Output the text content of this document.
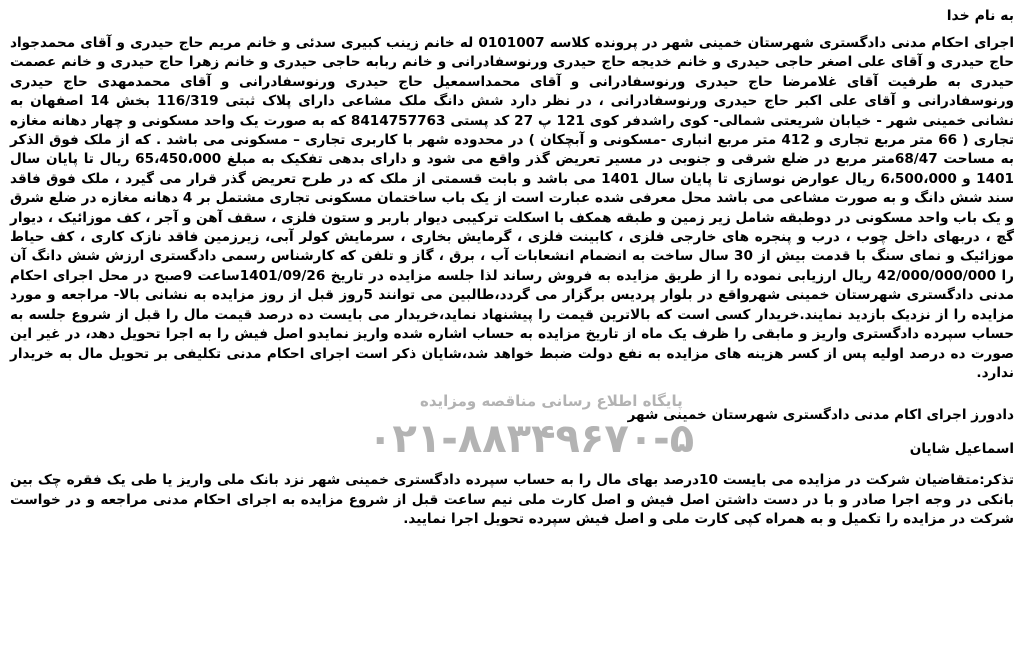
به نام خدا

اجرای احکام مدنی دادگستری شهرستان خمینی شهر در پرونده کلاسه 0101007 له خانم زینب کبیری سدئی و خانم مریم حاج حیدری و آقای محمدجواد حاج حیدری و آقای علی اصغر حاجی حیدری و خانم خدیجه حاج حیدری ورنوسفادرانی و خانم ربابه حاجی حیدری و خانم زهرا حاج حیدری و خانم عصمت حیدری به طرفیت آقای غلامرضا حاج حیدری ورنوسفادرانی و آقای محمداسمعیل حاج حیدری ورنوسفادرانی و آقای محمدمهدی حاج حیدری ورنوسفادرانی و آقای علی اکبر حاج حیدری ورنوسفادرانی ، در نظر دارد شش دانگ ملک مشاعی دارای پلاک ثبتی 116/319 بخش 14 اصفهان به نشانی خمینی شهر - خیابان شریعتی شمالی- کوی راشدفر کوی 121 پ 27 کد پستی 8414757763 که به صورت یک واحد مسکونی و چهار دهانه مغازه تجاری ( 66 متر مربع تجاری و 412 متر مربع انباری -مسکونی و آبچکان ) در محدوده شهر با کاربری تجاری – مسکونی می باشد . که از ملک فوق الذکر به مساحت 68/47متر مربع در ضلع شرقی و جنوبی در مسیر تعریض گذر واقع می شود و دارای بدهی تفکیک به مبلغ 65،450،000 ریال تا پایان سال 1401 و 6،500،000 ریال عوارض نوسازی تا پایان سال 1401 می باشد و بابت قسمتی از ملک که در طرح تعریض گذر قرار می گیرد ، ملک فوق فاقد سند شش دانگ و به صورت مشاعی می باشد محل معرفی شده عبارت است از یک باب ساختمان مسکونی تجاری مشتمل بر 4 دهانه مغازه در ضلع شرق و یک باب واحد مسکونی در دوطبقه شامل زیر زمین و طبقه همکف با اسکلت ترکیبی دیوار باربر و ستون فلزی ، سقف آهن و آجر ، کف موزائیک ، دیوار گچ ، دربهای داخل چوب ، درب و پنجره های خارجی فلزی ، کابینت فلزی ، گرمایش بخاری ، سرمایش کولر آبی، زیرزمین فاقد نازک کاری ، کف حیاط موزائیک و نمای سنگ با قدمت بیش از 30 سال ساخت به انضمام انشعابات آب ، برق ، گاز و تلفن که کارشناس رسمی دادگستری ارزش شش دانگ آن را 42/000/000/000 ریال ارزیابی نموده را از طریق مزایده به فروش رساند لذا جلسه مزایده در تاریخ 1401/09/26ساعت 9صبح در محل اجرای احکام مدنی دادگستری شهرستان خمینی شهرواقع در بلوار پردیس برگزار می گردد،طالبین می توانند 5روز قبل از روز مزایده به نشانی بالا- مراجعه و مورد مزایده را از نزدیک بازدید نمایند.خریدار کسی است که بالاترین قیمت را پیشنهاد نماید،خریدار می بایست ده درصد قیمت مال را قبل از شروع جلسه به حساب سپرده دادگستری واریز و مابقی را ظرف یک ماه از تاریخ مزایده به حساب اشاره شده واریز نمایدو اصل فیش را به اجرا تحویل دهد، در غیر این صورت ده درصد اولیه پس از کسر هزینه های مزایده به نفع دولت ضبط خواهد شد،شایان ذکر است اجرای احکام مدنی تکلیفی بر تحویل مال به خریدار ندارد.

دادورز اجرای اکام مدنی دادگستری شهرستان خمینی شهر

اسماعیل شایان

تذکر:متقاضیان شرکت در مزایده می بایست 10درصد بهای مال را به حساب سپرده دادگستری خمینی شهر نزد بانک ملی واریز یا طی یک فقره چک بین بانکی در وجه اجرا صادر و با در دست داشتن اصل فیش و اصل کارت ملی نیم ساعت قبل از شروع مزایده به اجرای احکام مدنی مراجعه و در خواست شرکت در مزایده را تکمیل و به همراه کپی کارت ملی و اصل فیش سپرده تحویل اجرا نمایید.

پایگاه اطلاع رسانی مناقصه ومزایده
۰۲۱-۸۸۳۴۹۶۷۰-۵
